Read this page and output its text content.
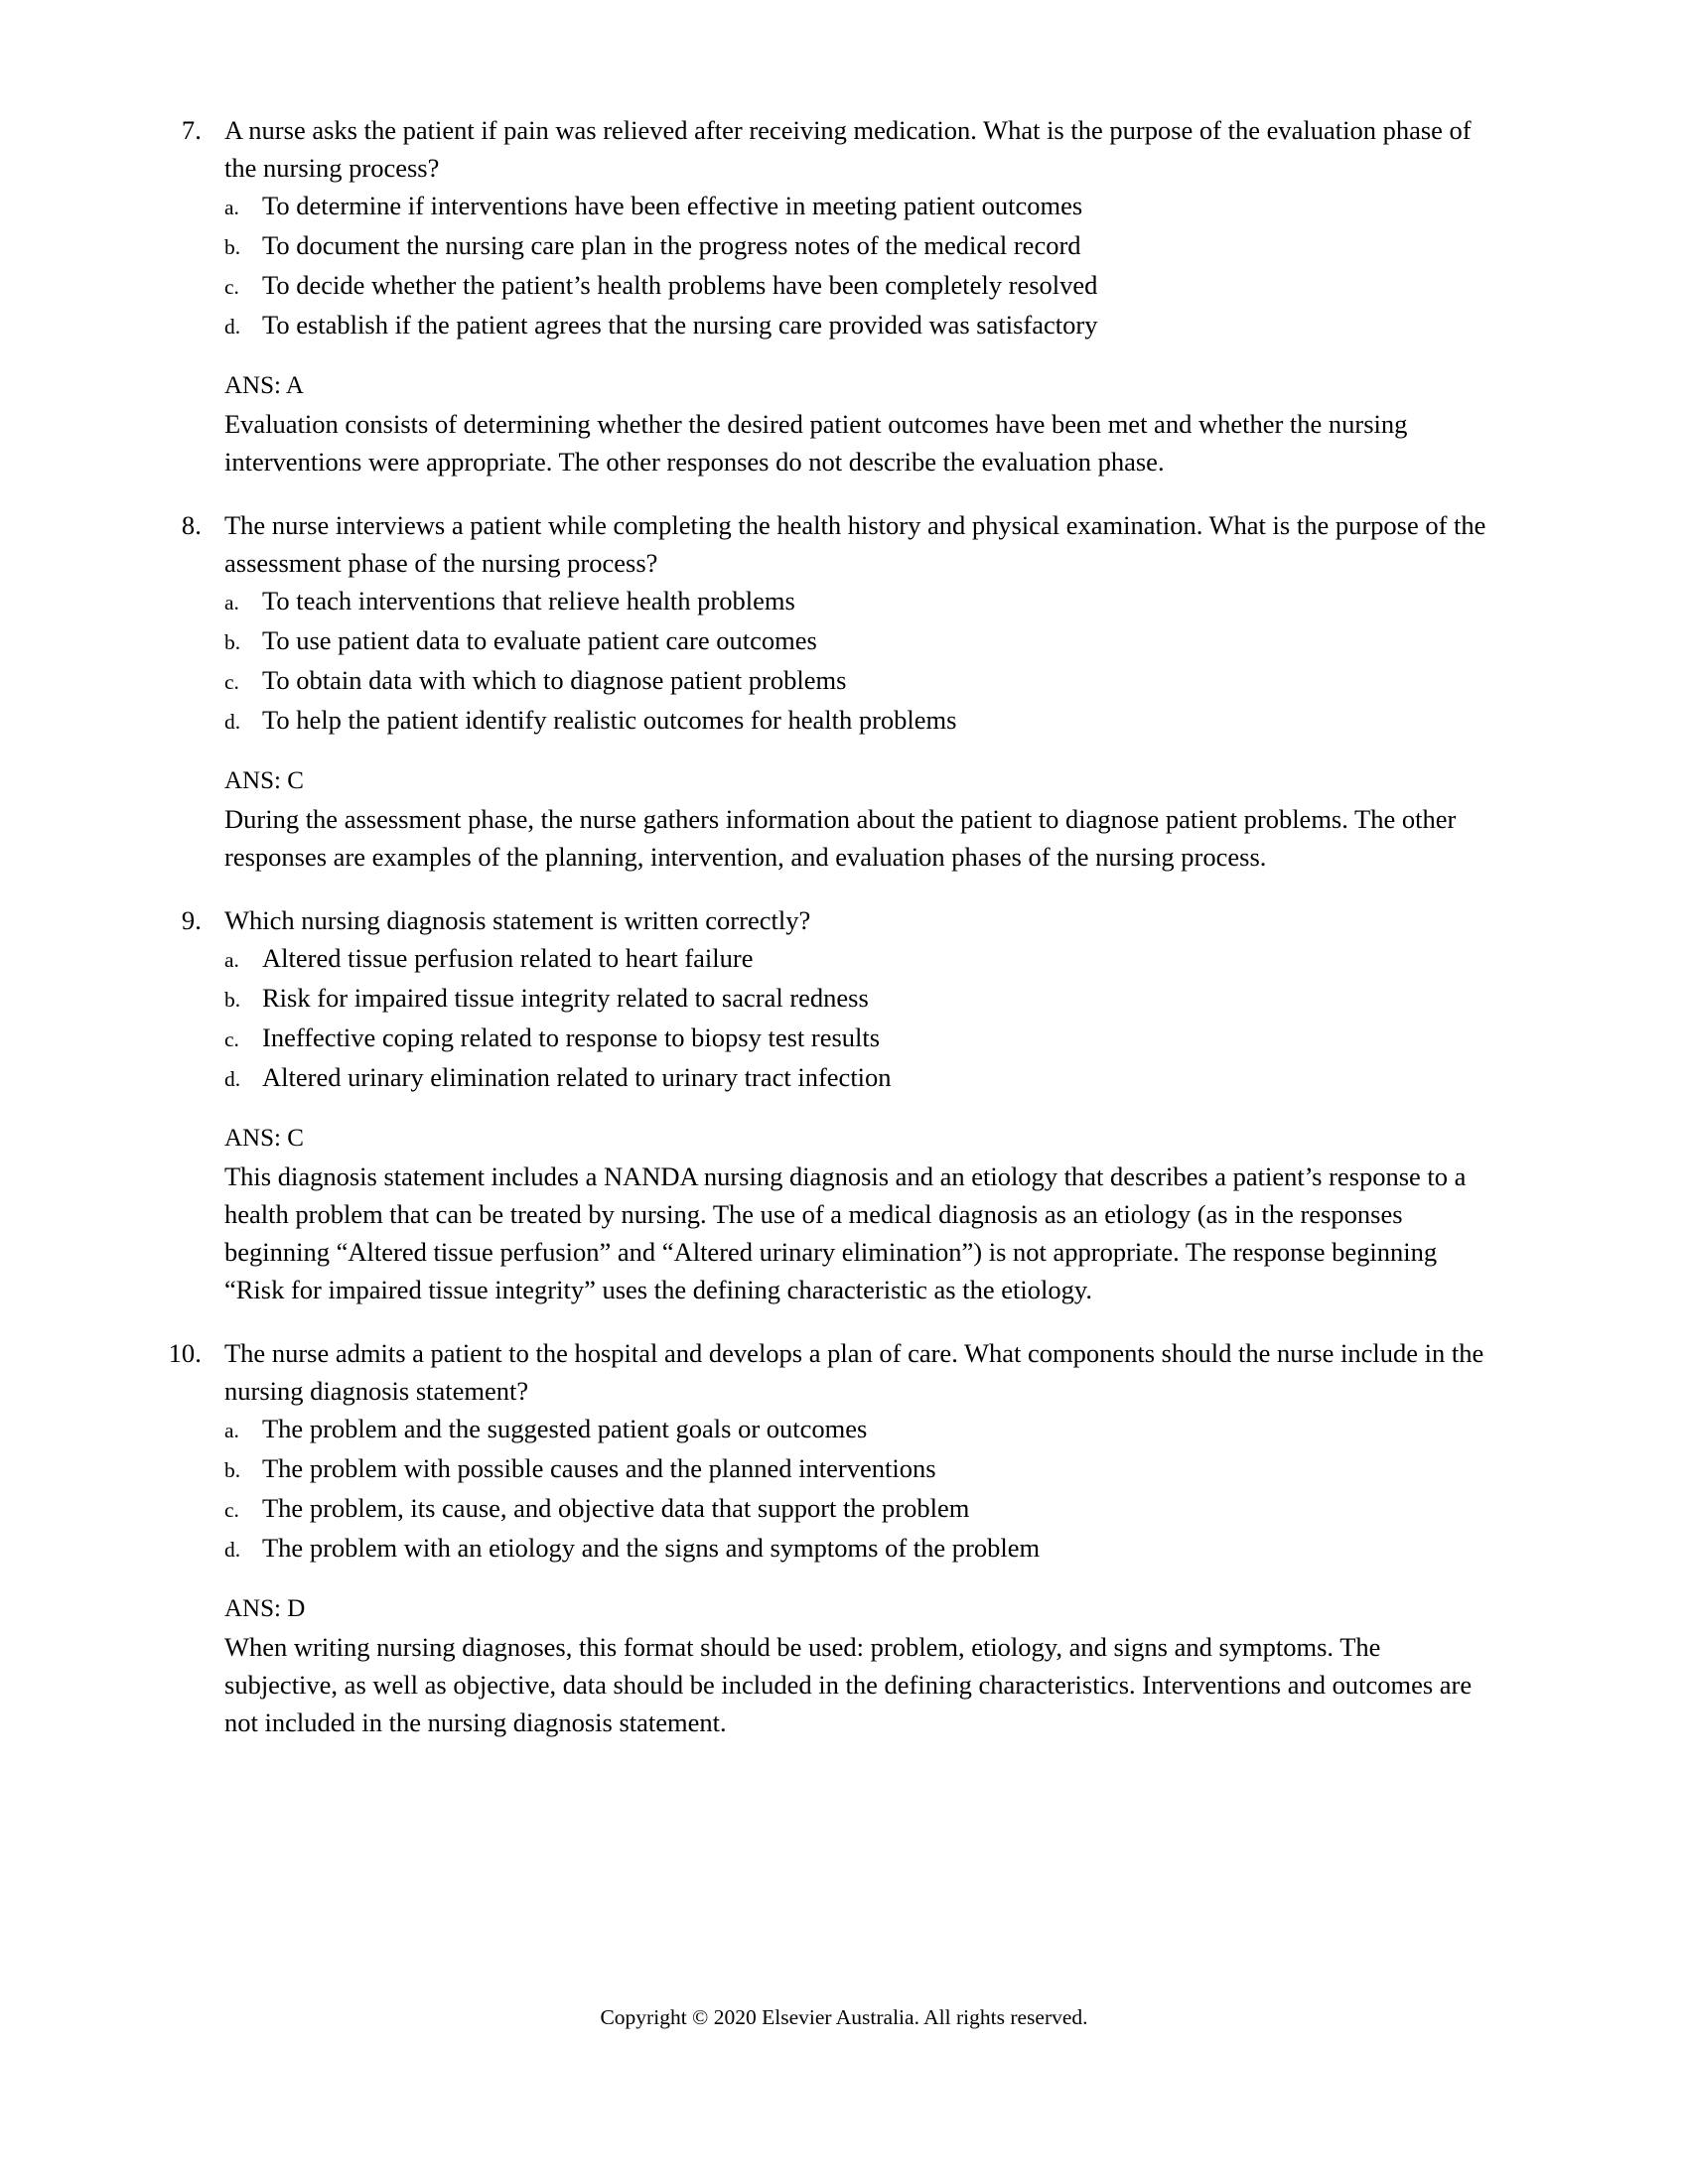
7. A nurse asks the patient if pain was relieved after receiving medication. What is the purpose of the evaluation phase of the nursing process?

a. To determine if interventions have been effective in meeting patient outcomes
b. To document the nursing care plan in the progress notes of the medical record
c. To decide whether the patient’s health problems have been completely resolved
d. To establish if the patient agrees that the nursing care provided was satisfactory
ANS: A

Evaluation consists of determining whether the desired patient outcomes have been met and whether the nursing interventions were appropriate. The other responses do not describe the evaluation phase.

8. The nurse interviews a patient while completing the health history and physical examination. What is the purpose of the assessment phase of the nursing process?

a. To teach interventions that relieve health problems
b. To use patient data to evaluate patient care outcomes
c. To obtain data with which to diagnose patient problems
d. To help the patient identify realistic outcomes for health problems
ANS: C

During the assessment phase, the nurse gathers information about the patient to diagnose patient problems. The other responses are examples of the planning, intervention, and evaluation phases of the nursing process.

9. Which nursing diagnosis statement is written correctly?

a. Altered tissue perfusion related to heart failure
b. Risk for impaired tissue integrity related to sacral redness
c. Ineffective coping related to response to biopsy test results
d. Altered urinary elimination related to urinary tract infection
ANS: C

This diagnosis statement includes a NANDA nursing diagnosis and an etiology that describes a patient’s response to a health problem that can be treated by nursing. The use of a medical diagnosis as an etiology (as in the responses beginning “Altered tissue perfusion” and “Altered urinary elimination”) is not appropriate. The response beginning “Risk for impaired tissue integrity” uses the defining characteristic as the etiology.

10. The nurse admits a patient to the hospital and develops a plan of care. What components should the nurse include in the nursing diagnosis statement?

a. The problem and the suggested patient goals or outcomes
b. The problem with possible causes and the planned interventions
c. The problem, its cause, and objective data that support the problem
d. The problem with an etiology and the signs and symptoms of the problem
ANS: D

When writing nursing diagnoses, this format should be used: problem, etiology, and signs and symptoms. The subjective, as well as objective, data should be included in the defining characteristics. Interventions and outcomes are not included in the nursing diagnosis statement.

Copyright © 2020 Elsevier Australia. All rights reserved.
